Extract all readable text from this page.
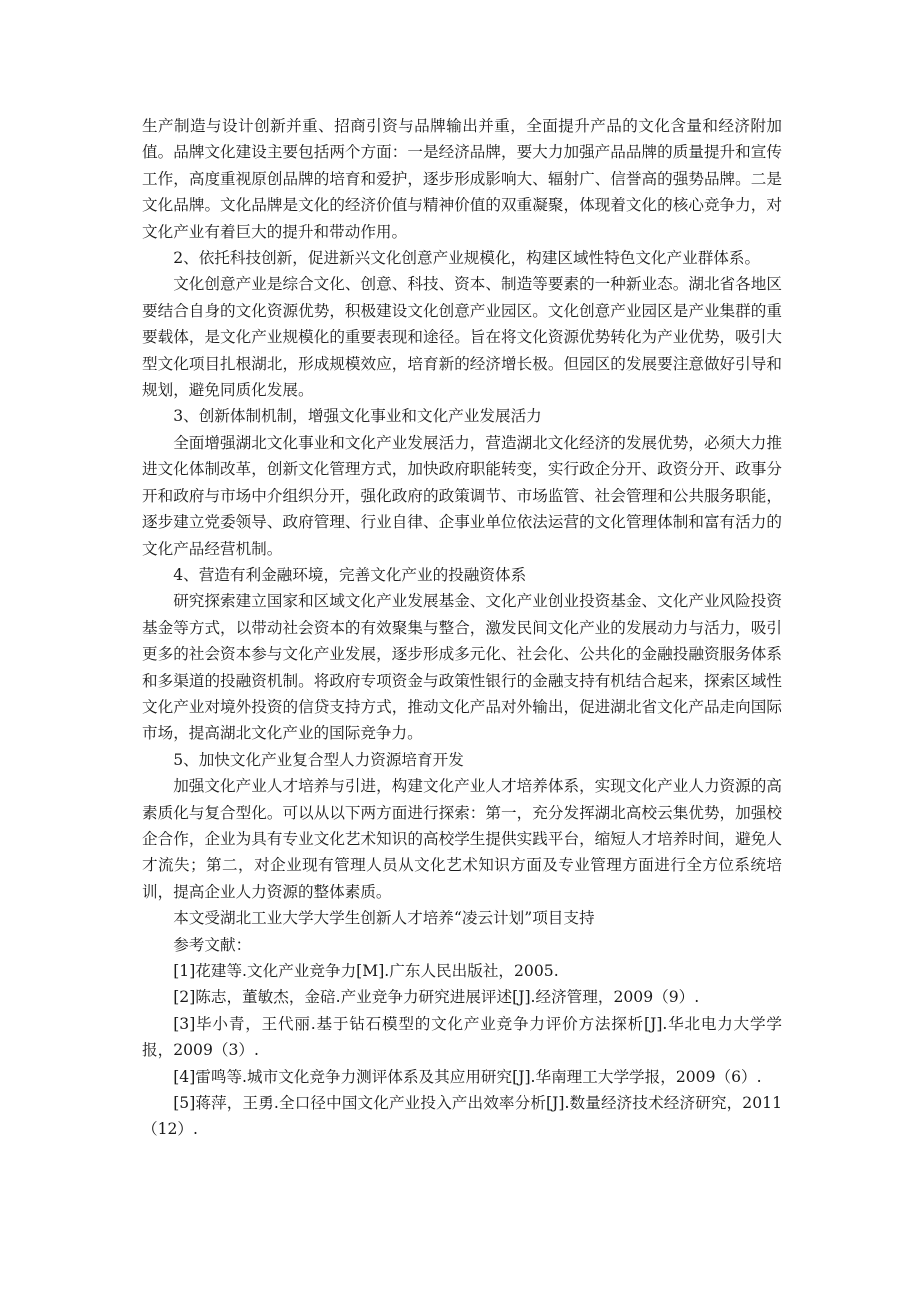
生产制造与设计创新并重、招商引资与品牌输出并重，全面提升产品的文化含量和经济附加值。品牌文化建设主要包括两个方面：一是经济品牌，要大力加强产品品牌的质量提升和宣传工作，高度重视原创品牌的培育和爱护，逐步形成影响大、辐射广、信誉高的强势品牌。二是文化品牌。文化品牌是文化的经济价值与精神价值的双重凝聚，体现着文化的核心竞争力，对文化产业有着巨大的提升和带动作用。

2、依托科技创新，促进新兴文化创意产业规模化，构建区域性特色文化产业群体系。

文化创意产业是综合文化、创意、科技、资本、制造等要素的一种新业态。湖北省各地区要结合自身的文化资源优势，积极建设文化创意产业园区。文化创意产业园区是产业集群的重要载体，是文化产业规模化的重要表现和途径。旨在将文化资源优势转化为产业优势，吸引大型文化项目扎根湖北，形成规模效应，培育新的经济增长极。但园区的发展要注意做好引导和规划，避免同质化发展。

3、创新体制机制，增强文化事业和文化产业发展活力

全面增强湖北文化事业和文化产业发展活力，营造湖北文化经济的发展优势，必须大力推进文化体制改革，创新文化管理方式，加快政府职能转变，实行政企分开、政资分开、政事分开和政府与市场中介组织分开，强化政府的政策调节、市场监管、社会管理和公共服务职能，逐步建立党委领导、政府管理、行业自律、企事业单位依法运营的文化管理体制和富有活力的文化产品经营机制。

4、营造有利金融环境，完善文化产业的投融资体系

研究探索建立国家和区域文化产业发展基金、文化产业创业投资基金、文化产业风险投资基金等方式，以带动社会资本的有效聚集与整合，激发民间文化产业的发展动力与活力，吸引更多的社会资本参与文化产业发展，逐步形成多元化、社会化、公共化的金融投融资服务体系和多渠道的投融资机制。将政府专项资金与政策性银行的金融支持有机结合起来，探索区域性文化产业对境外投资的信贷支持方式，推动文化产品对外输出，促进湖北省文化产品走向国际市场，提高湖北文化产业的国际竞争力。

5、加快文化产业复合型人力资源培育开发

加强文化产业人才培养与引进，构建文化产业人才培养体系，实现文化产业人力资源的高素质化与复合型化。可以从以下两方面进行探索：第一，充分发挥湖北高校云集优势，加强校企合作，企业为具有专业文化艺术知识的高校学生提供实践平台，缩短人才培养时间，避免人才流失；第二，对企业现有管理人员从文化艺术知识方面及专业管理方面进行全方位系统培训，提高企业人力资源的整体素质。

本文受湖北工业大学大学生创新人才培养“凌云计划”项目支持

参考文献：

[1]花建等.文化产业竞争力[M].广东人民出版社，2005.

[2]陈志，董敏杰，金碚.产业竞争力研究进展评述[J].经济管理，2009（9）.

[3]毕小青，王代丽.基于钻石模型的文化产业竞争力评价方法探析[J].华北电力大学学报，2009（3）.

[4]雷鸣等.城市文化竞争力测评体系及其应用研究[J].华南理工大学学报，2009（6）.

[5]蒋萍，王勇.全口径中国文化产业投入产出效率分析[J].数量经济技术经济研究，2011（12）.
